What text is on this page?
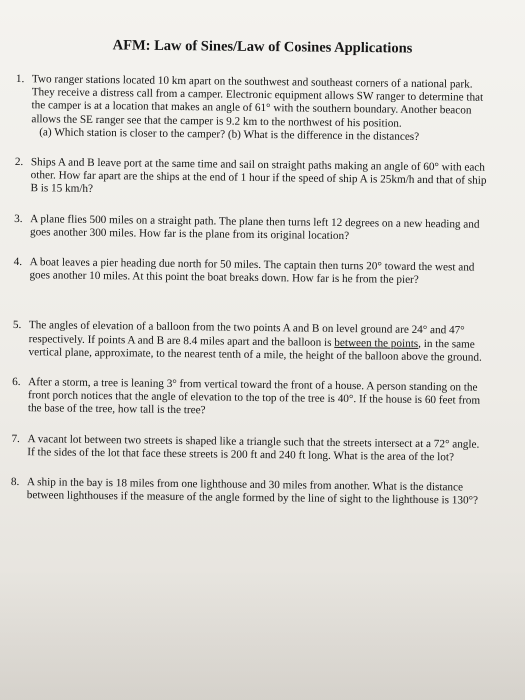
AFM: Law of Sines/Law of Cosines Applications
1. Two ranger stations located 10 km apart on the southwest and southeast corners of a national park. They receive a distress call from a camper. Electronic equipment allows SW ranger to determine that the camper is at a location that makes an angle of 61° with the southern boundary. Another beacon allows the SE ranger see that the camper is 9.2 km to the northwest of his position.
(a) Which station is closer to the camper? (b) What is the difference in the distances?
2. Ships A and B leave port at the same time and sail on straight paths making an angle of 60° with each other. How far apart are the ships at the end of 1 hour if the speed of ship A is 25km/h and that of ship B is 15 km/h?
3. A plane flies 500 miles on a straight path. The plane then turns left 12 degrees on a new heading and goes another 300 miles. How far is the plane from its original location?
4. A boat leaves a pier heading due north for 50 miles. The captain then turns 20° toward the west and goes another 10 miles. At this point the boat breaks down. How far is he from the pier?
5. The angles of elevation of a balloon from the two points A and B on level ground are 24° and 47° respectively. If points A and B are 8.4 miles apart and the balloon is between the points, in the same vertical plane, approximate, to the nearest tenth of a mile, the height of the balloon above the ground.
6. After a storm, a tree is leaning 3° from vertical toward the front of a house. A person standing on the front porch notices that the angle of elevation to the top of the tree is 40°. If the house is 60 feet from the base of the tree, how tall is the tree?
7. A vacant lot between two streets is shaped like a triangle such that the streets intersect at a 72° angle. If the sides of the lot that face these streets is 200 ft and 240 ft long. What is the area of the lot?
8. A ship in the bay is 18 miles from one lighthouse and 30 miles from another. What is the distance between lighthouses if the measure of the angle formed by the line of sight to the lighthouse is 130°?
